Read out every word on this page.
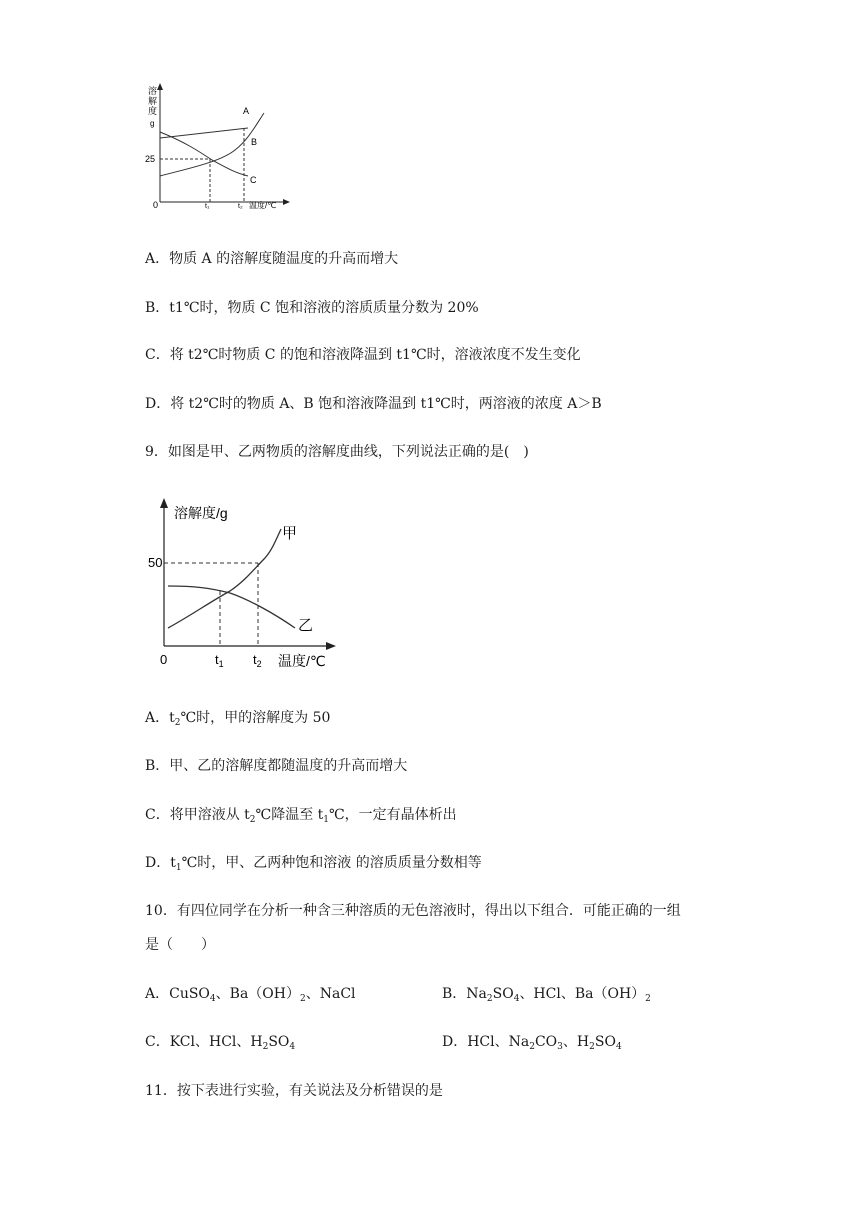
溶
解
度
g
25
0	t₁	t₂ 温度/℃
A
B
C
A．物质 A 的溶解度随温度的升高而增大
B．t1℃时，物质 C 饱和溶液的溶质质量分数为 20%
C．将 t2℃时物质 C 的饱和溶液降温到 t1℃时，溶液浓度不发生变化
D．将 t2℃时的物质 A、B 饱和溶液降温到 t1℃时，两溶液的浓度 A＞B
9．如图是甲、乙两物质的溶解度曲线，下列说法正确的是(　)
溶解度/g
50
0	$t_1$ $t_2$ 温度/℃
甲
乙
A．$t_2℃$时，甲的溶解度为 50
B．甲、乙的溶解度都随温度的升高而增大
C．将甲溶液从 $t_2℃$降温至 $t_1℃$，一定有晶体析出
D．$t_1℃$时，甲、乙两种饱和溶液 的溶质质量分数相等
10．有四位同学在分析一种含三种溶质的无色溶液时，得出以下组合．可能正确的一组
是（　　）
A．CuSO$_4$、$Ba(OH)_2$、NaCl	B．$Na_2SO_4$、HCl、$Ba(OH)_2$
C．KCl、HCl、$H_2SO_4$	D．HCl、$Na_2CO_3$、$H_2SO_4$
11．按下表进行实验，有关说法及分析错误的是
